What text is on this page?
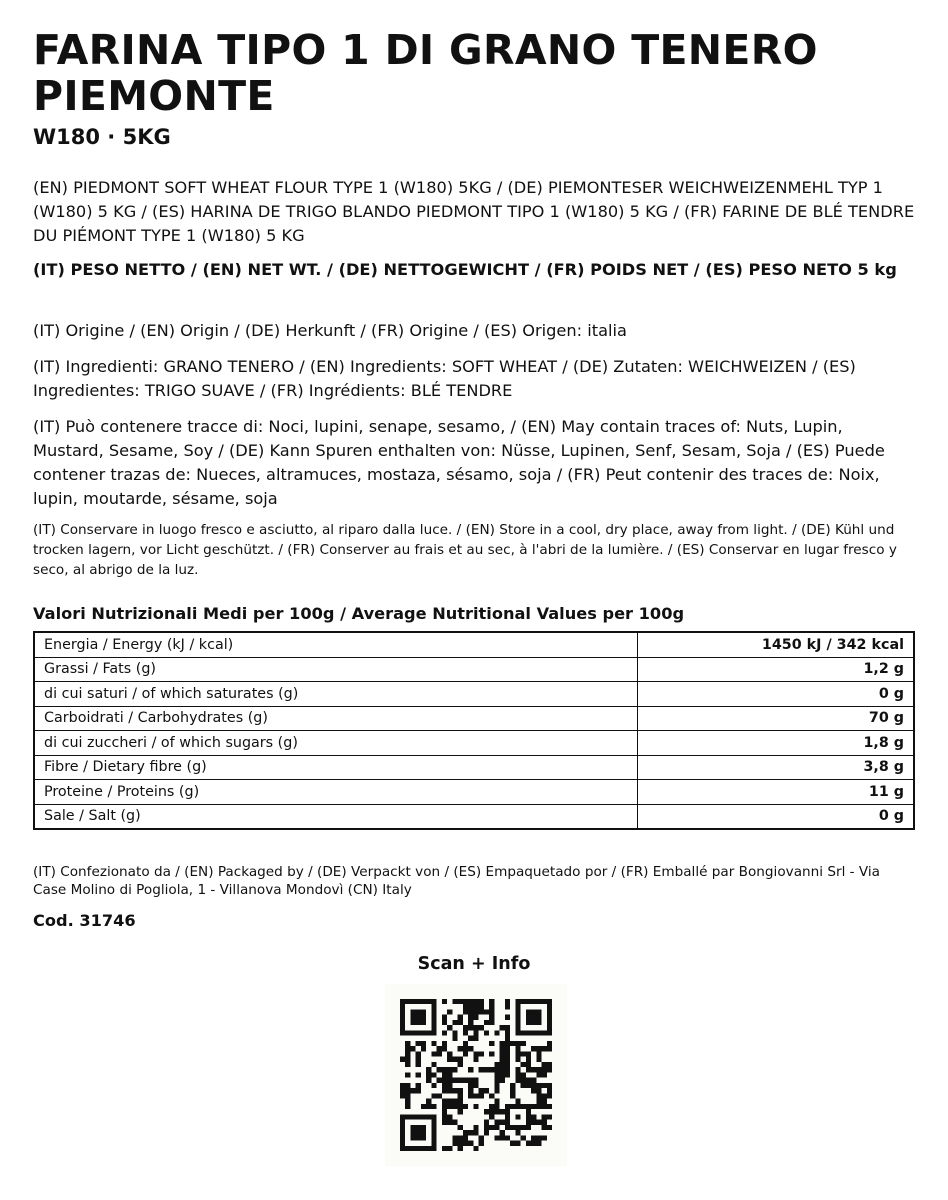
FARINA TIPO 1 DI GRANO TENERO PIEMONTE
W180 · 5KG
(EN) PIEDMONT SOFT WHEAT FLOUR TYPE 1 (W180) 5KG / (DE) PIEMONTESER WEICHWEIZENMEHL TYP 1 (W180) 5 KG / (ES) HARINA DE TRIGO BLANDO PIEDMONT TIPO 1 (W180) 5 KG / (FR) FARINE DE BLÉ TENDRE DU PIÉMONT TYPE 1 (W180) 5 KG
(IT) PESO NETTO / (EN) NET WT. / (DE) NETTOGEWICHT / (FR) POIDS NET / (ES) PESO NETO 5 kg
(IT) Origine / (EN) Origin / (DE) Herkunft / (FR) Origine / (ES) Origen: italia
(IT) Ingredienti: GRANO TENERO / (EN) Ingredients: SOFT WHEAT / (DE) Zutaten: WEICHWEIZEN / (ES) Ingredientes: TRIGO SUAVE / (FR) Ingrédients: BLÉ TENDRE
(IT) Può contenere tracce di: Noci, lupini, senape, sesamo, / (EN) May contain traces of: Nuts, Lupin, Mustard, Sesame, Soy / (DE) Kann Spuren enthalten von: Nüsse, Lupinen, Senf, Sesam, Soja / (ES) Puede contener trazas de: Nueces, altramuces, mostaza, sésamo, soja / (FR) Peut contenir des traces de: Noix, lupin, moutarde, sésame, soja
(IT) Conservare in luogo fresco e asciutto, al riparo dalla luce. / (EN) Store in a cool, dry place, away from light. / (DE) Kühl und trocken lagern, vor Licht geschützt. / (FR) Conserver au frais et au sec, à l'abri de la lumière. / (ES) Conservar en lugar fresco y seco, al abrigo de la luz.
Valori Nutrizionali Medi per 100g / Average Nutritional Values per 100g
Energia / Energy (kJ / kcal)	1450 kJ / 342 kcal
Grassi / Fats (g)	1,2 g
di cui saturi / of which saturates (g)	0 g
Carboidrati / Carbohydrates (g)	70 g
di cui zuccheri / of which sugars (g)	1,8 g
Fibre / Dietary fibre (g)	3,8 g
Proteine / Proteins (g)	11 g
Sale / Salt (g)	0 g
(IT) Confezionato da / (EN) Packaged by / (DE) Verpackt von / (ES) Empaquetado por / (FR) Emballé par Bongiovanni Srl - Via Case Molino di Pogliola, 1 - Villanova Mondovì (CN) Italy
Cod. 31746
Scan + Info
